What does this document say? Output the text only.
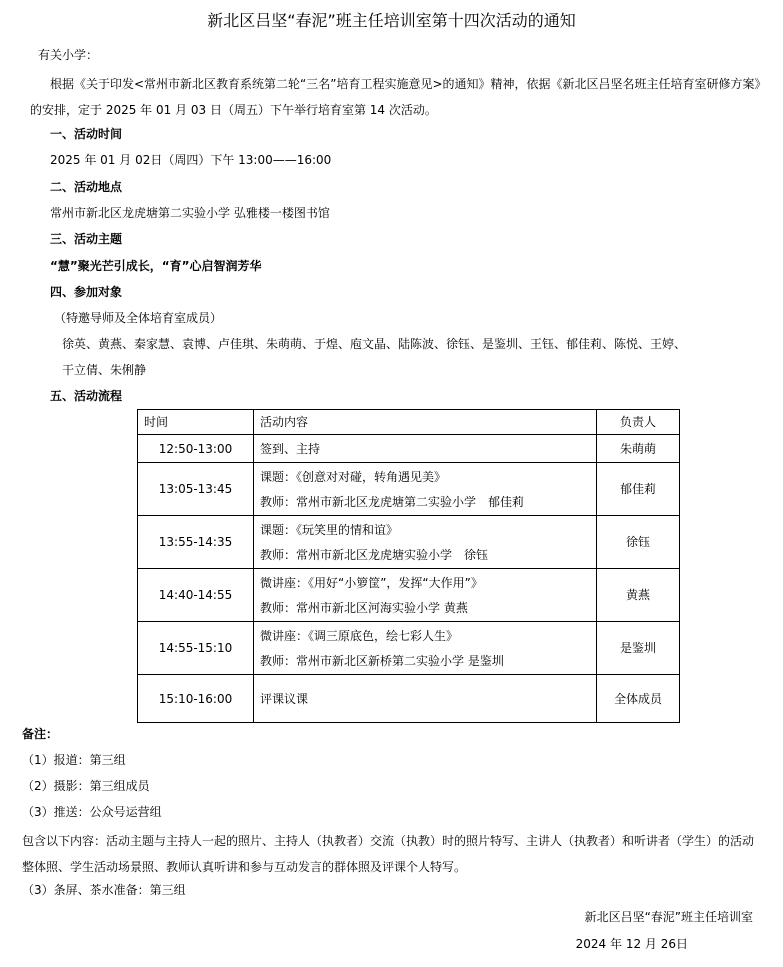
新北区吕坚“春泥”班主任培训室第十四次活动的通知
有关小学：
根据《关于印发<常州市新北区教育系统第二轮“三名”培育工程实施意见>的通知》精神，依据《新北区吕坚名班主任培育室研修方案》的安排，定于 2025 年 01 月 03 日（周五）下午举行培育室第 14 次活动。
一、活动时间
2025 年 01 月 02日（周四）下午 13:00——16:00
二、活动地点
常州市新北区龙虎塘第二实验小学 弘雅楼一楼图书馆
三、活动主题
“慧”聚光芒引成长，“育”心启智润芳华
四、参加对象
（特邀导师及全体培育室成员）
徐英、黄燕、秦家慧、袁博、卢佳琪、朱萌萌、于煌、庖文晶、陆陈波、徐钰、是鉴圳、王钰、郁佳莉、陈悦、王婷、
干立倩、朱俐静
五、活动流程
时间	活动内容	负责人
12:50-13:00	签到、主持	朱萌萌
13:05-13:45	课题：《创意对对碰，转角遇见美》
教师：常州市新北区龙虎塘第二实验小学　郁佳莉	郁佳莉
13:55-14:35	课题：《玩笑里的情和谊》
教师：常州市新北区龙虎塘实验小学　徐钰	徐钰
14:40-14:55	微讲座：《用好“小箩筐”，发挥“大作用”》
教师：常州市新北区河海实验小学 黄燕	黄燕
14:55-15:10	微讲座：《调三原底色，绘七彩人生》
教师：常州市新北区新桥第二实验小学 是鉴圳	是鉴圳
15:10-16:00	评课议课	全体成员
备注：
（1）报道：第三组
（2）摄影：第三组成员
（3）推送：公众号运营组
包含以下内容：活动主题与主持人一起的照片、主持人（执教者）交流（执教）时的照片特写、主讲人（执教者）和听讲者（学生）的活动整体照、学生活动场景照、教师认真听讲和参与互动发言的群体照及评课个人特写。
（3）条屏、茶水准备：第三组
新北区吕坚“春泥”班主任培训室
2024 年 12 月 26日
